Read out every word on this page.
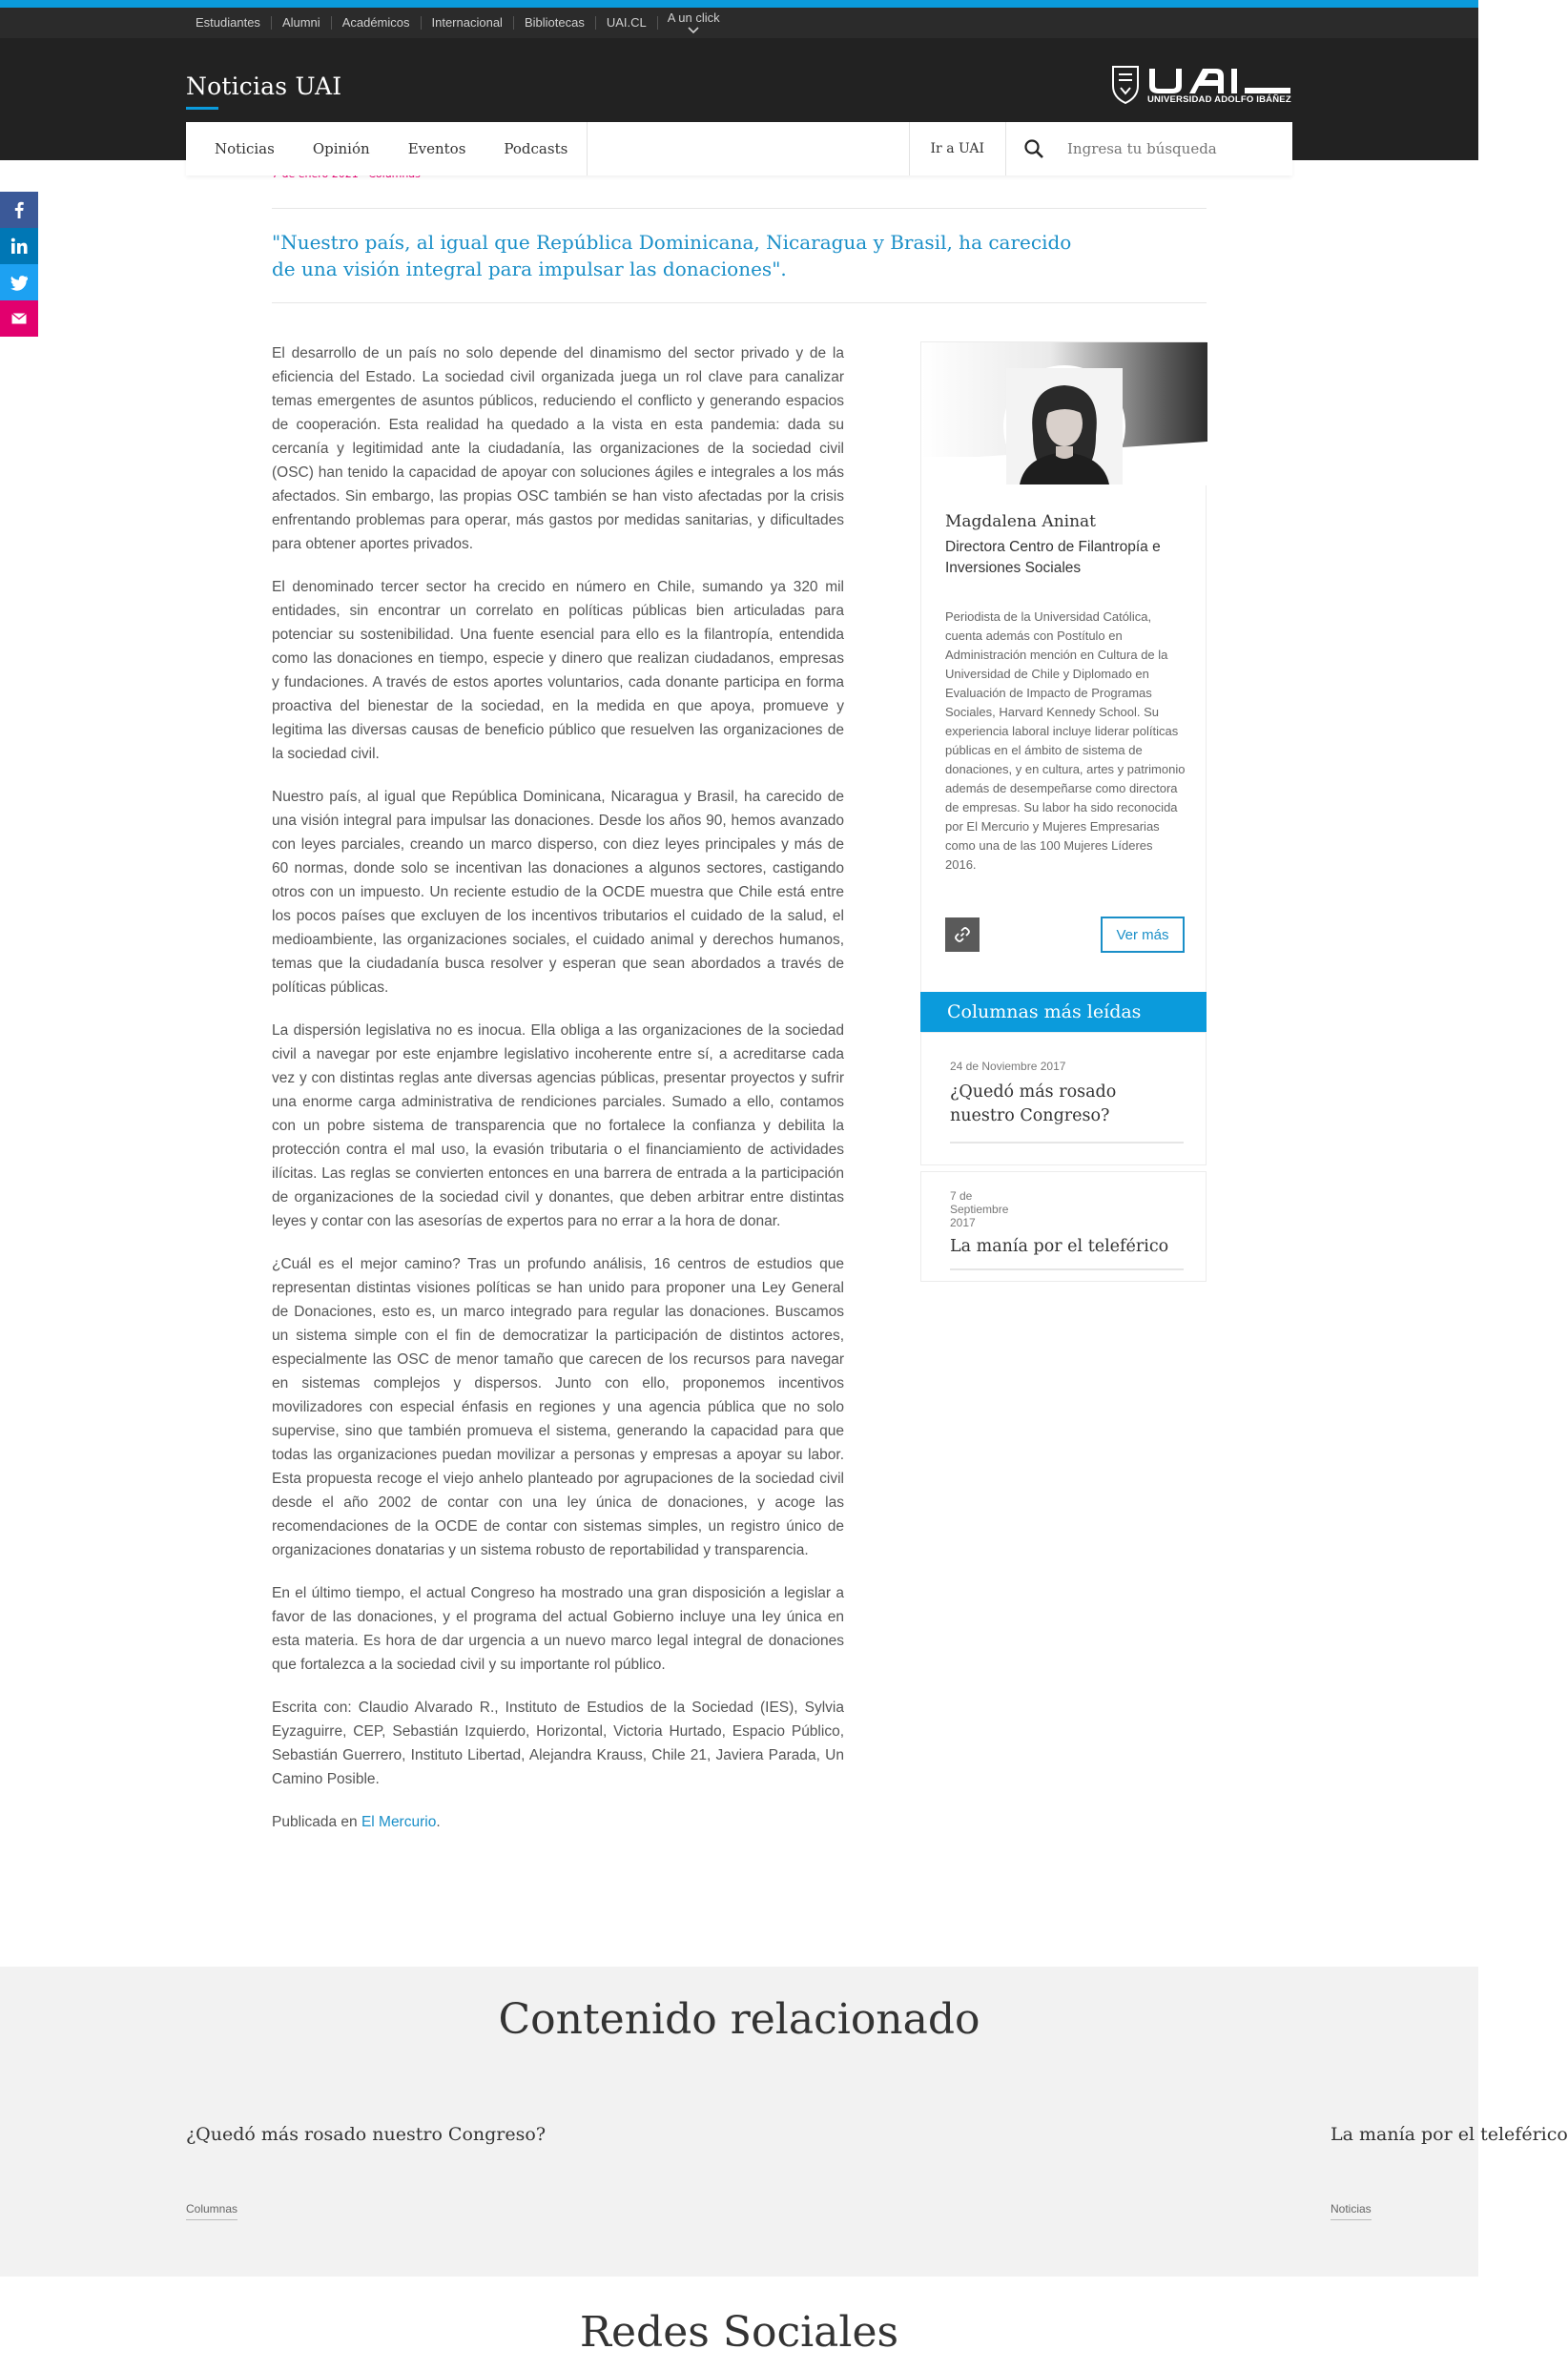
Estudiantes	Alumni	Académicos	Internacional	Bibliotecas	UAI.CL	A un click
Noticias UAI	UNIVERSIDAD ADOLFO IBÁÑEZ
Noticias	Opinión	Eventos	Podcasts	Ir a UAI
Ingresa tu búsqueda
"Nuestro país, al igual que República Dominicana, Nicaragua y Brasil, ha carecido de una visión integral para impulsar las donaciones".

El desarrollo de un país no solo depende del dinamismo del sector privado y de la eficiencia del Estado. La sociedad civil organizada juega un rol clave para canalizar temas emergentes de asuntos públicos, reduciendo el conflicto y generando espacios de cooperación. Esta realidad ha quedado a la vista en esta pandemia: dada su cercanía y legitimidad ante la ciudadanía, las organizaciones de la sociedad civil (OSC) han tenido la capacidad de apoyar con soluciones ágiles e integrales a los más afectados. Sin embargo, las propias OSC también se han visto afectadas por la crisis enfrentando problemas para operar, más gastos por medidas sanitarias, y dificultades para obtener aportes privados.

El denominado tercer sector ha crecido en número en Chile, sumando ya 320 mil entidades, sin encontrar un correlato en políticas públicas bien articuladas para potenciar su sostenibilidad. Una fuente esencial para ello es la filantropía, entendida como las donaciones en tiempo, especie y dinero que realizan ciudadanos, empresas y fundaciones. A través de estos aportes voluntarios, cada donante participa en forma proactiva del bienestar de la sociedad, en la medida en que apoya, promueve y legitima las diversas causas de beneficio público que resuelven las organizaciones de la sociedad civil.

Nuestro país, al igual que República Dominicana, Nicaragua y Brasil, ha carecido de una visión integral para impulsar las donaciones. Desde los años 90, hemos avanzado con leyes parciales, creando un marco disperso, con diez leyes principales y más de 60 normas, donde solo se incentivan las donaciones a algunos sectores, castigando otros con un impuesto. Un reciente estudio de la OCDE muestra que Chile está entre los pocos países que excluyen de los incentivos tributarios el cuidado de la salud, el medioambiente, las organizaciones sociales, el cuidado animal y derechos humanos, temas que la ciudadanía busca resolver y esperan que sean abordados a través de políticas públicas.

La dispersión legislativa no es inocua. Ella obliga a las organizaciones de la sociedad civil a navegar por este enjambre legislativo incoherente entre sí, a acreditarse cada vez y con distintas reglas ante diversas agencias públicas, presentar proyectos y sufrir una enorme carga administrativa de rendiciones parciales. Sumado a ello, contamos con un pobre sistema de transparencia que no fortalece la confianza y debilita la protección contra el mal uso, la evasión tributaria o el financiamiento de actividades ilícitas. Las reglas se convierten entonces en una barrera de entrada a la participación de organizaciones de la sociedad civil y donantes, que deben arbitrar entre distintas leyes y contar con las asesorías de expertos para no errar a la hora de donar.

¿Cuál es el mejor camino? Tras un profundo análisis, 16 centros de estudios que representan distintas visiones políticas se han unido para proponer una Ley General de Donaciones, esto es, un marco integrado para regular las donaciones. Buscamos un sistema simple con el fin de democratizar la participación de distintos actores, especialmente las OSC de menor tamaño que carecen de los recursos para navegar en sistemas complejos y dispersos. Junto con ello, proponemos incentivos movilizadores con especial énfasis en regiones y una agencia pública que no solo supervise, sino que también promueva el sistema, generando la capacidad para que todas las organizaciones puedan movilizar a personas y empresas a apoyar su labor. Esta propuesta recoge el viejo anhelo planteado por agrupaciones de la sociedad civil desde el año 2002 de contar con una ley única de donaciones, y acoge las recomendaciones de la OCDE de contar con sistemas simples, un registro único de organizaciones donatarias y un sistema robusto de reportabilidad y transparencia.

En el último tiempo, el actual Congreso ha mostrado una gran disposición a legislar a favor de las donaciones, y el programa del actual Gobierno incluye una ley única en esta materia. Es hora de dar urgencia a un nuevo marco legal integral de donaciones que fortalezca a la sociedad civil y su importante rol público.

Escrita con: Claudio Alvarado R., Instituto de Estudios de la Sociedad (IES), Sylvia Eyzaguirre, CEP, Sebastián Izquierdo, Horizontal, Victoria Hurtado, Espacio Público, Sebastián Guerrero, Instituto Libertad, Alejandra Krauss, Chile 21, Javiera Parada, Un Camino Posible.

Publicada en El Mercurio.

Magdalena Aninat
Directora Centro de Filantropía e Inversiones Sociales
Periodista de la Universidad Católica, cuenta además con Postítulo en Administración mención en Cultura de la Universidad de Chile y Diplomado en Evaluación de Impacto de Programas Sociales, Harvard Kennedy School. Su experiencia laboral incluye liderar políticas públicas en el ámbito de sistema de donaciones, y en cultura, artes y patrimonio además de desempeñarse como directora de empresas. Su labor ha sido reconocida por El Mercurio y Mujeres Empresarias como una de las 100 Mujeres Líderes 2016.
Ver más
Columnas más leídas
24 de Noviembre 2017
¿Quedó más rosado nuestro Congreso?
7 de Septiembre 2017
La manía por el teleférico
Contenido relacionado
¿Quedó más rosado nuestro Congreso?
Columnas
La manía por el teleférico
Noticias
Redes Sociales
